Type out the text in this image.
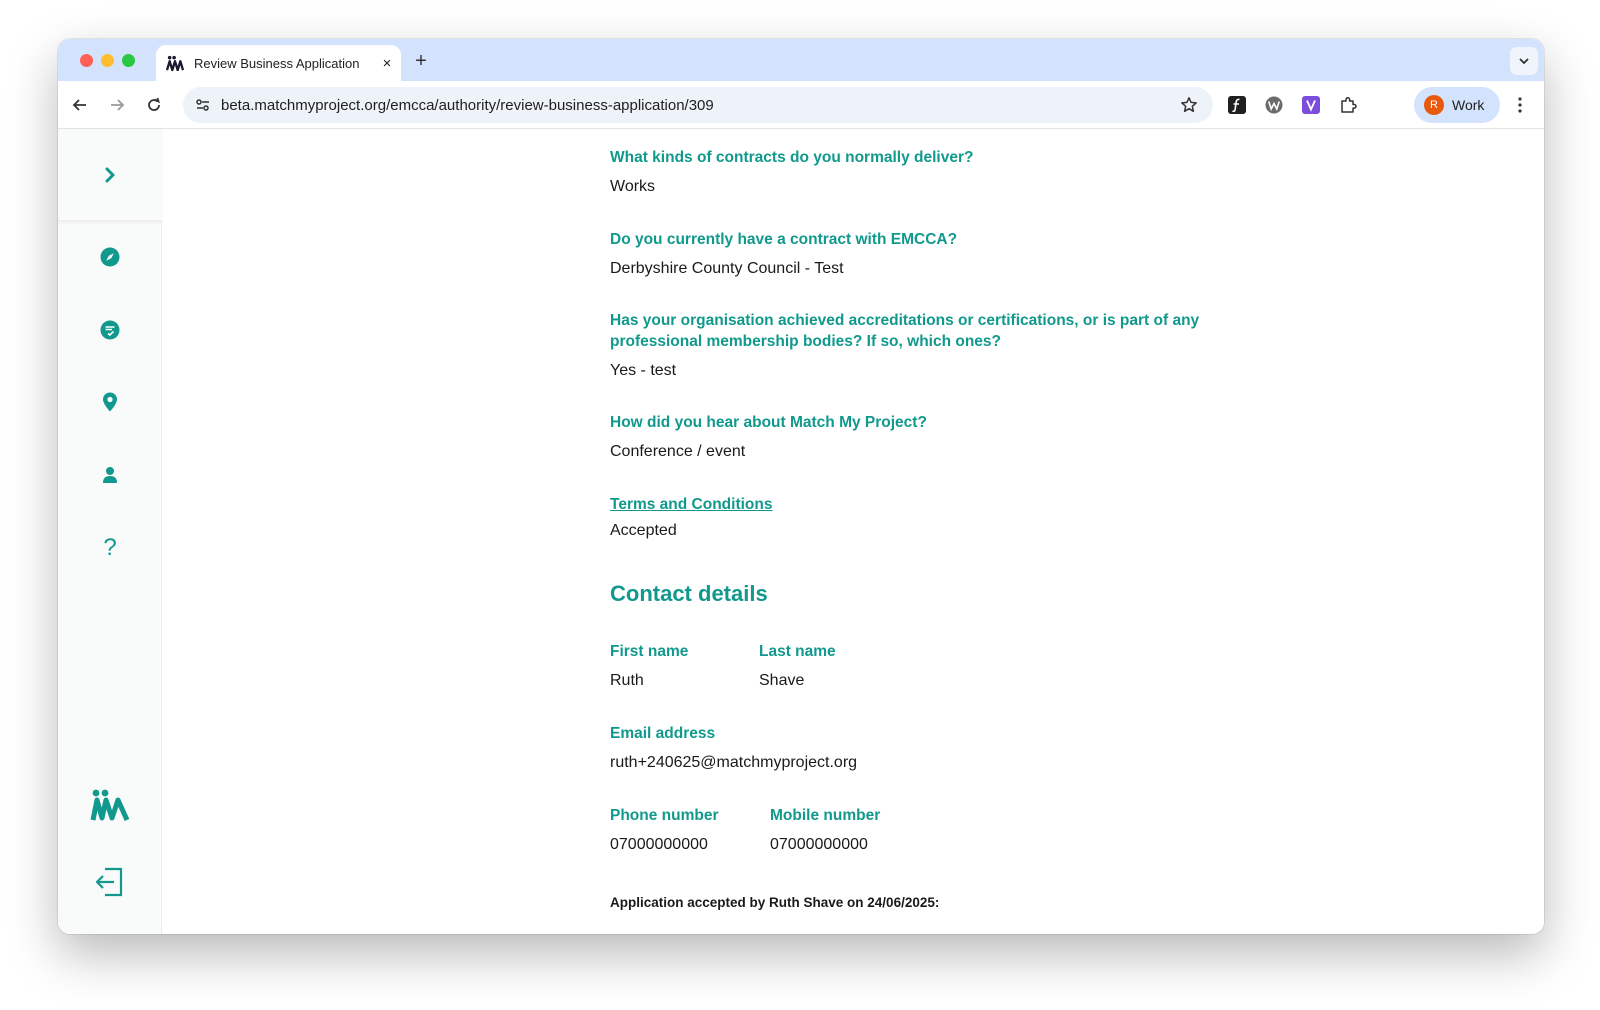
Review Business Application	×	+
beta.matchmyproject.org/emcca/authority/review-business-application/309	R	Work
?
What kinds of contracts do you normally deliver?
Works
Do you currently have a contract with EMCCA?
Derbyshire County Council - Test
Has your organisation achieved accreditations or certifications, or is part of any professional membership bodies? If so, which ones?
Yes - test
How did you hear about Match My Project?
Conference / event
Terms and Conditions
Accepted
Contact details
First name
Ruth
Last name
Shave
Email address
ruth+240625@matchmyproject.org
Phone number
07000000000
Mobile number
07000000000
Application accepted by Ruth Shave on 24/06/2025:
